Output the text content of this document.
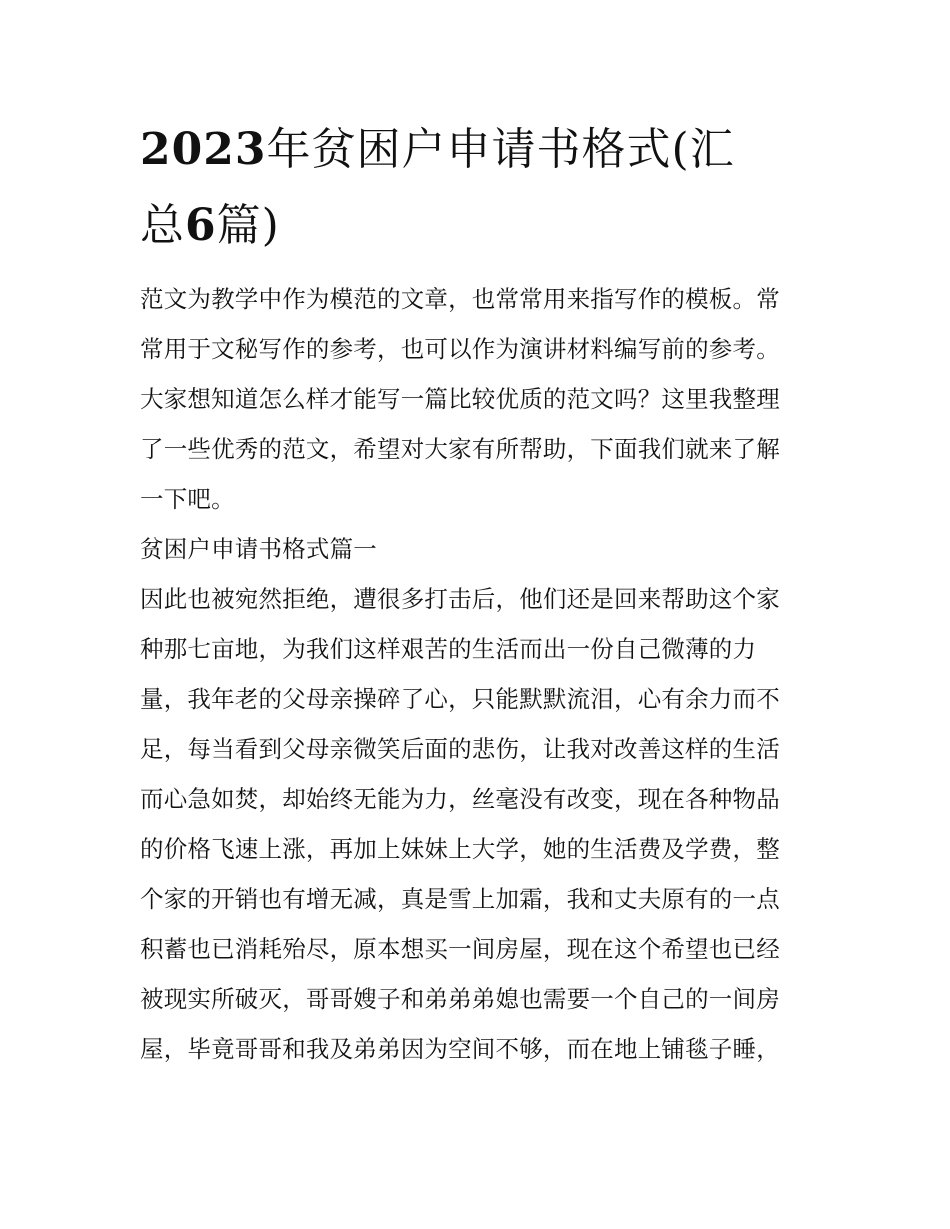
2023年贫困户申请书格式(汇
总6篇)

范文为教学中作为模范的文章，也常常用来指写作的模板。常
常用于文秘写作的参考，也可以作为演讲材料编写前的参考。
大家想知道怎么样才能写一篇比较优质的范文吗？这里我整理
了一些优秀的范文，希望对大家有所帮助，下面我们就来了解
一下吧。

贫困户申请书格式篇一

因此也被宛然拒绝，遭很多打击后，他们还是回来帮助这个家
种那七亩地，为我们这样艰苦的生活而出一份自己微薄的力
量，我年老的父母亲操碎了心，只能默默流泪，心有余力而不
足，每当看到父母亲微笑后面的悲伤，让我对改善这样的生活
而心急如焚，却始终无能为力，丝毫没有改变，现在各种物品
的价格飞速上涨，再加上妹妹上大学，她的生活费及学费，整
个家的开销也有增无减，真是雪上加霜，我和丈夫原有的一点
积蓄也已消耗殆尽，原本想买一间房屋，现在这个希望也已经
被现实所破灭，哥哥嫂子和弟弟弟媳也需要一个自己的一间房
屋，毕竟哥哥和我及弟弟因为空间不够，而在地上铺毯子睡，
